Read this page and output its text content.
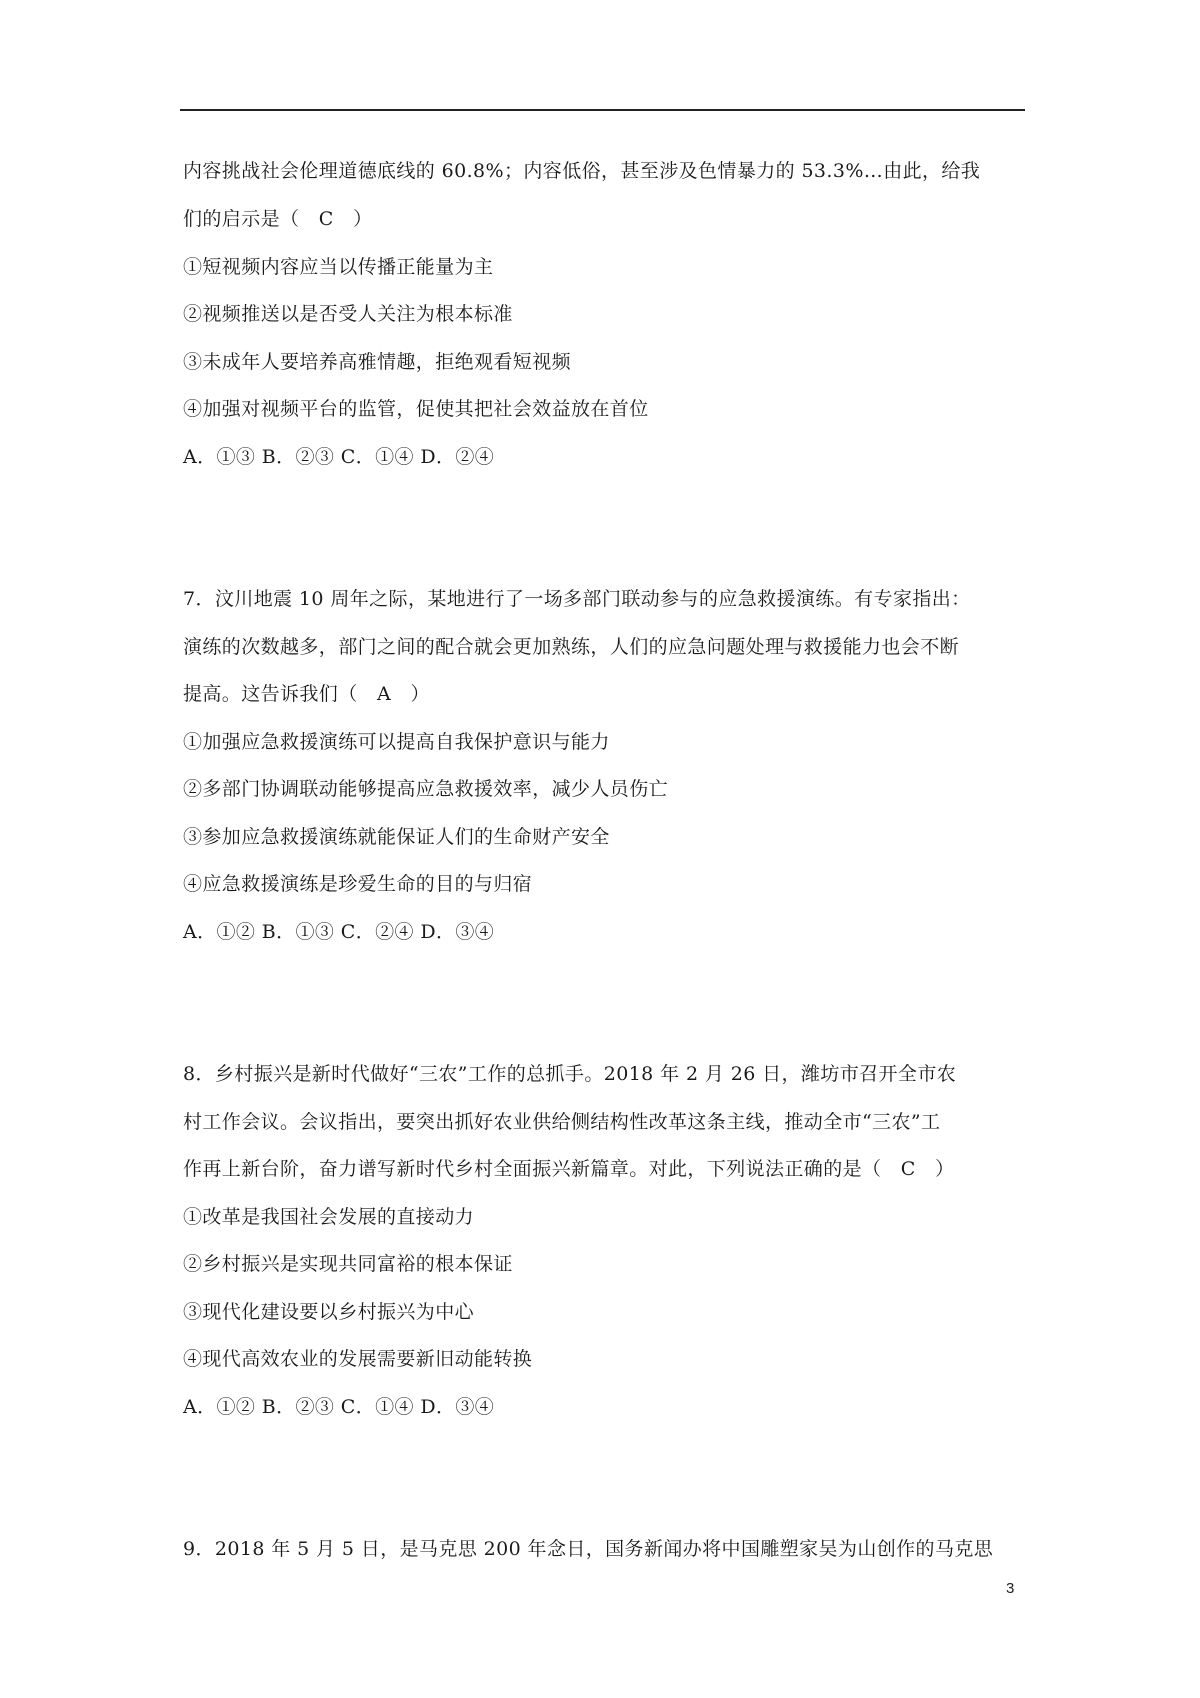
内容挑战社会伦理道德底线的 60.8%；内容低俗，甚至涉及色情暴力的 53.3%…由此，给我
们的启示是（　C　）
①短视频内容应当以传播正能量为主
②视频推送以是否受人关注为根本标准
③未成年人要培养高雅情趣，拒绝观看短视频
④加强对视频平台的监管，促使其把社会效益放在首位
A．①③ B．②③ C．①④ D．②④
7．汶川地震 10 周年之际，某地进行了一场多部门联动参与的应急救援演练。有专家指出：
演练的次数越多，部门之间的配合就会更加熟练，人们的应急问题处理与救援能力也会不断
提高。这告诉我们（　A　）
①加强应急救援演练可以提高自我保护意识与能力
②多部门协调联动能够提高应急救援效率，减少人员伤亡
③参加应急救援演练就能保证人们的生命财产安全
④应急救援演练是珍爱生命的目的与归宿
A．①② B．①③ C．②④ D．③④
8．乡村振兴是新时代做好“三农”工作的总抓手。2018 年 2 月 26 日，潍坊市召开全市农
村工作会议。会议指出，要突出抓好农业供给侧结构性改革这条主线，推动全市“三农”工
作再上新台阶，奋力谱写新时代乡村全面振兴新篇章。对此，下列说法正确的是（　C　）
①改革是我国社会发展的直接动力
②乡村振兴是实现共同富裕的根本保证
③现代化建设要以乡村振兴为中心
④现代高效农业的发展需要新旧动能转换
A．①② B．②③ C．①④ D．③④
9．2018 年 5 月 5 日，是马克思 200 年念日，国务新闻办将中国雕塑家吴为山创作的马克思
3
